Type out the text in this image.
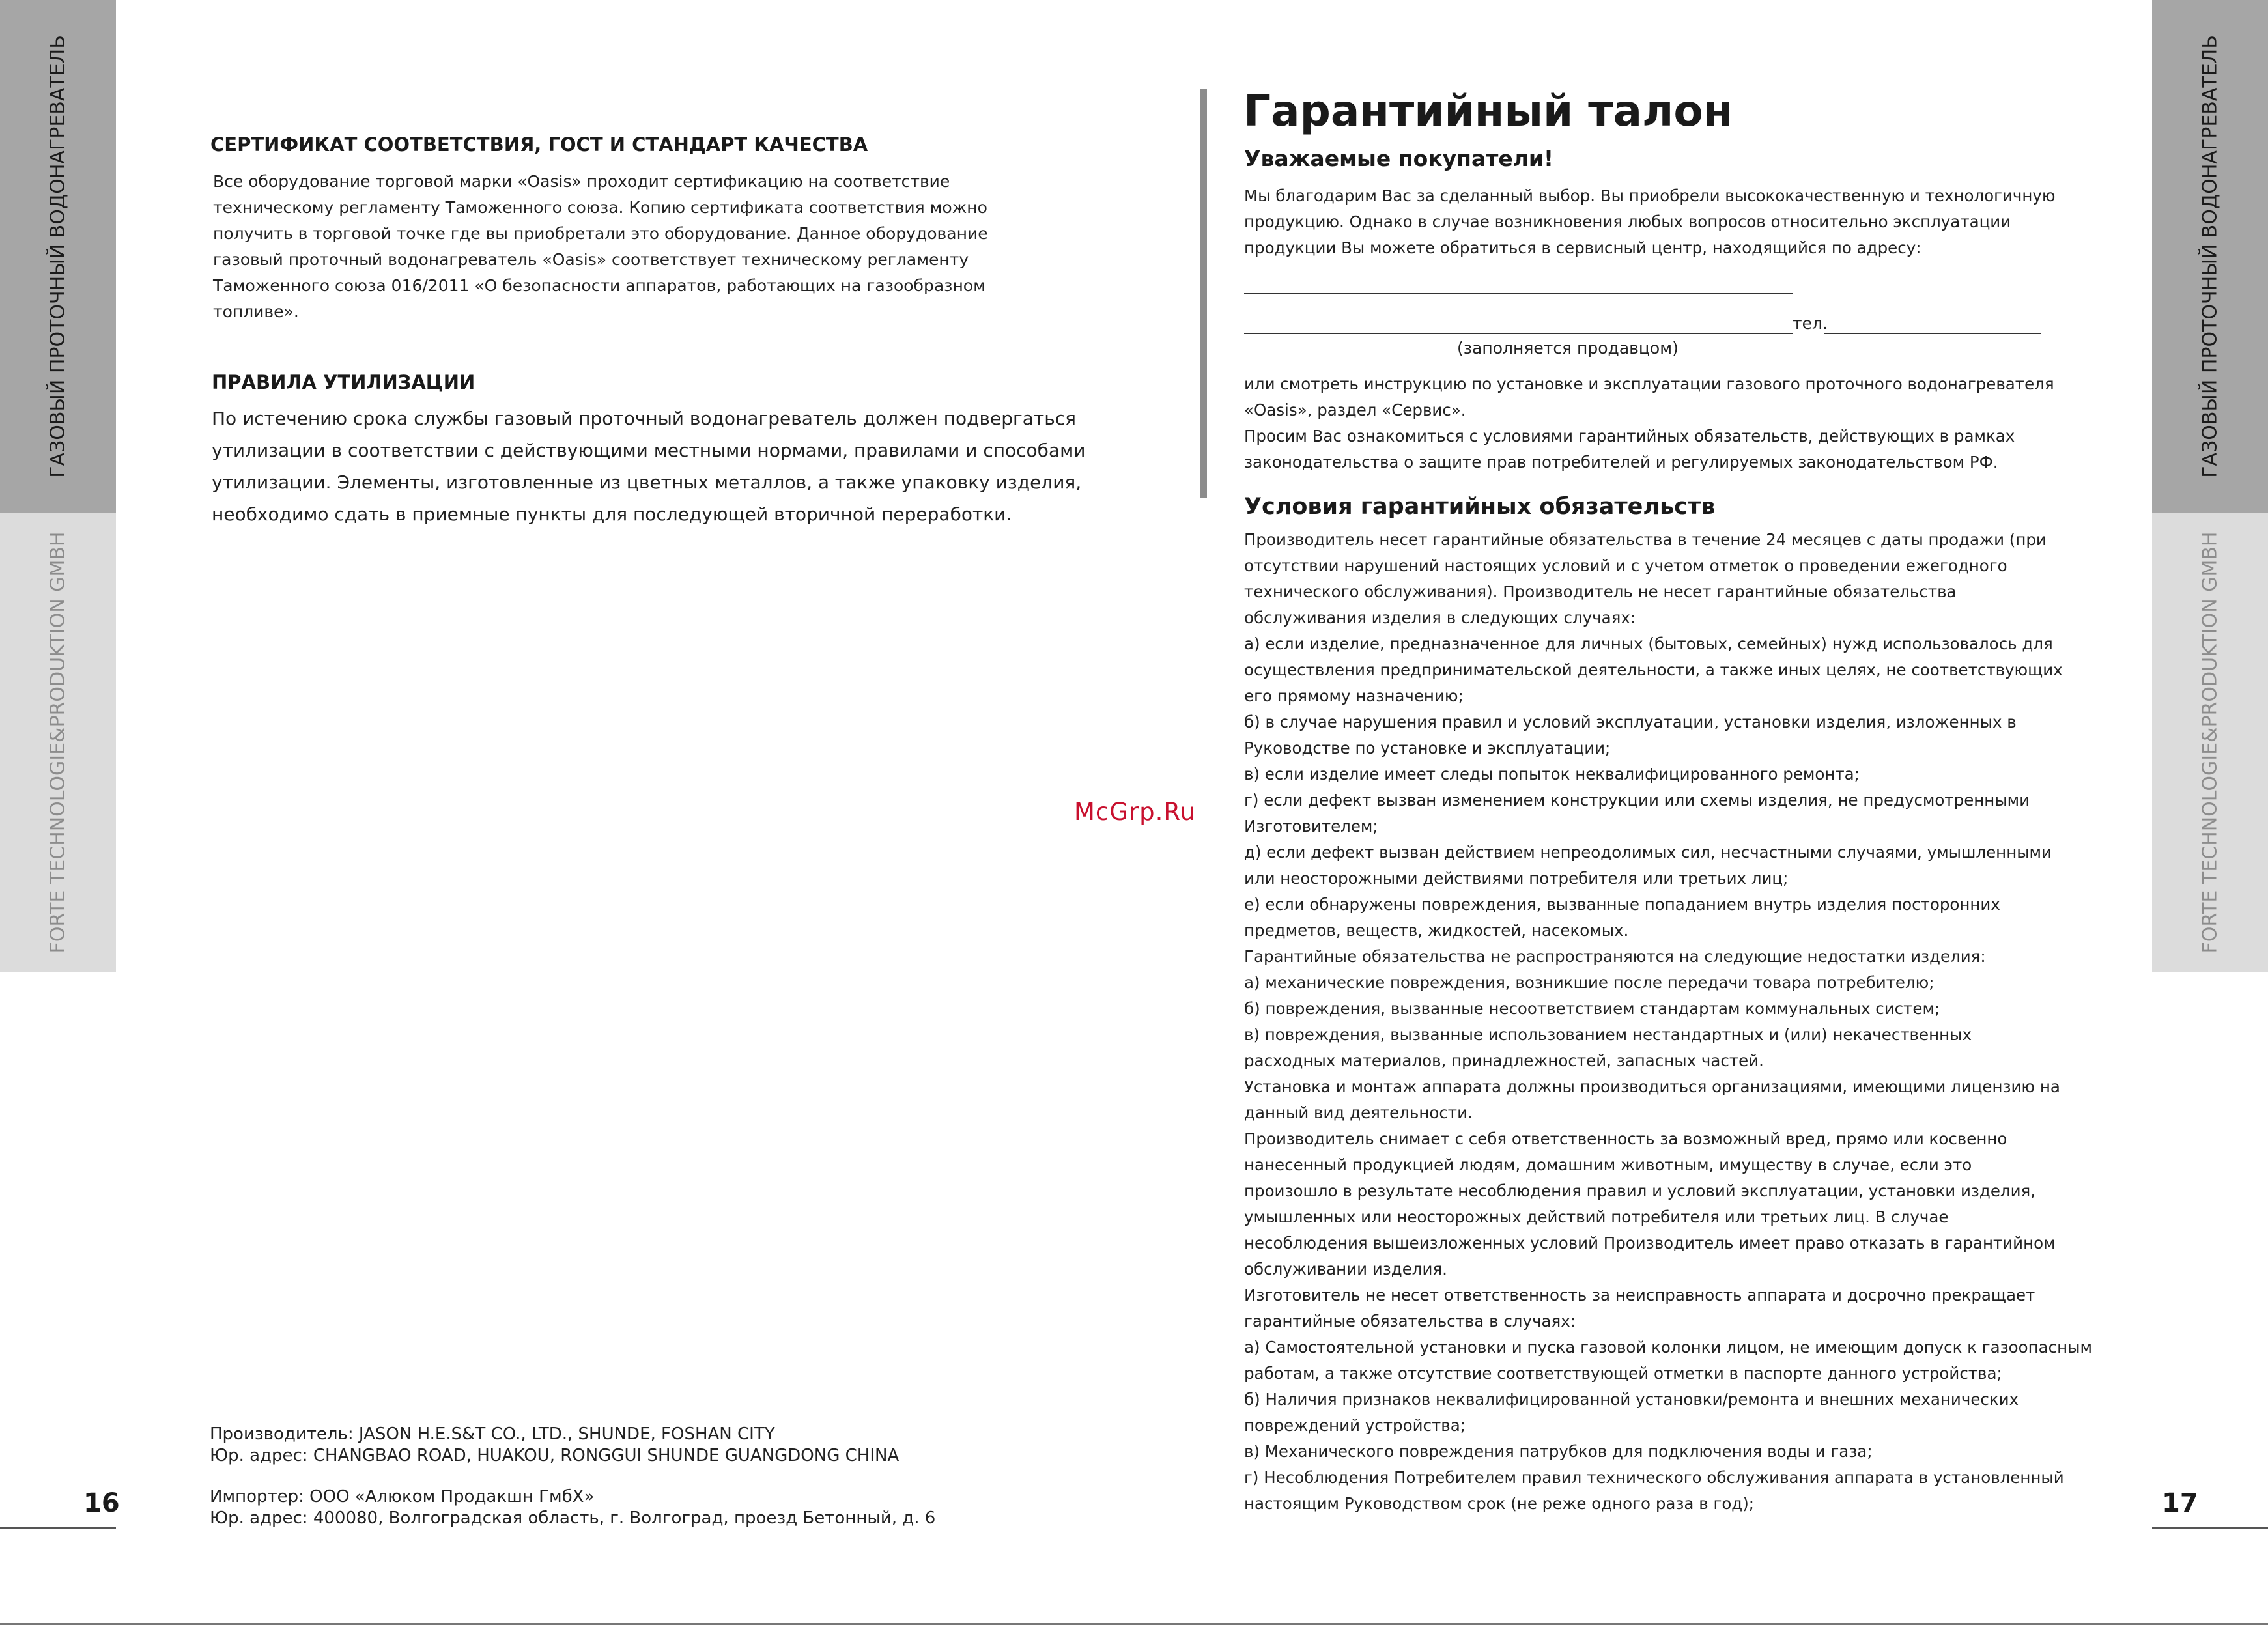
ГАЗОВЫЙ ПРОТОЧНЫЙ ВОДОНАГРЕВАТЕЛЬ
FORTE TECHNOLOGIE&PRODUKTION GMBH
ГАЗОВЫЙ ПРОТОЧНЫЙ ВОДОНАГРЕВАТЕЛЬ
FORTE TECHNOLOGIE&PRODUKTION GMBH
16	17
СЕРТИФИКАТ СООТВЕТСТВИЯ, ГОСТ И СТАНДАРТ КАЧЕСТВА
Все оборудование торговой марки «Oasis» проходит сертификацию на соответствие
техническому регламенту Таможенного союза. Копию сертификата соответствия можно
получить в торговой точке где вы приобретали это оборудование. Данное оборудование
газовый проточный водонагреватель «Oasis» соответствует техническому регламенту
Таможенного союза 016/2011 «О безопасности аппаратов, работающих на газообразном
топливе».
ПРАВИЛА УТИЛИЗАЦИИ
По истечению срока службы газовый проточный водонагреватель должен подвергаться
утилизации в соответствии с действующими местными нормами, правилами и способами
утилизации. Элементы, изготовленные из цветных металлов, а также упаковку изделия,
необходимо сдать в приемные пункты для последующей вторичной переработки.
Производитель: JASON H.E.S&T CO., LTD., SHUNDE, FOSHAN CITY
Юр. адрес: CHANGBAO ROAD, HUAKOU, RONGGUI SHUNDE GUANGDONG CHINA
Импортер: ООО «Алюком Продакшн ГмбХ»
Юр. адрес: 400080, Волгоградская область, г. Волгоград, проезд Бетонный, д. 6
McGrp.Ru
Гарантийный талон
Уважаемые покупатели!
Мы благодарим Вас за сделанный выбор. Вы приобрели высококачественную и технологичную
продукцию. Однако в случае возникновения любых вопросов относительно эксплуатации
продукции Вы можете обратиться в сервисный центр, находящийся по адресу:
тел.
(заполняется продавцом)
или смотреть инструкцию по установке и эксплуатации газового проточного водонагревателя
«Oasis», раздел «Сервис».
Просим Вас ознакомиться с условиями гарантийных обязательств, действующих в рамках
законодательства о защите прав потребителей и регулируемых законодательством РФ.
Условия гарантийных обязательств
Производитель несет гарантийные обязательства в течение 24 месяцев с даты продажи (при
отсутствии нарушений настоящих условий и с учетом отметок о проведении ежегодного
технического обслуживания). Производитель не несет гарантийные обязательства
обслуживания изделия в следующих случаях:
а) если изделие, предназначенное для личных (бытовых, семейных) нужд использовалось для
осуществления предпринимательской деятельности, а также иных целях, не соответствующих
его прямому назначению;
б) в случае нарушения правил и условий эксплуатации, установки изделия, изложенных в
Руководстве по установке и эксплуатации;
в) если изделие имеет следы попыток неквалифицированного ремонта;
г) если дефект вызван изменением конструкции или схемы изделия, не предусмотренными
Изготовителем;
д) если дефект вызван действием непреодолимых сил, несчастными случаями, умышленными
или неосторожными действиями потребителя или третьих лиц;
е) если обнаружены повреждения, вызванные попаданием внутрь изделия посторонних
предметов, веществ, жидкостей, насекомых.
Гарантийные обязательства не распространяются на следующие недостатки изделия:
а) механические повреждения, возникшие после передачи товара потребителю;
б) повреждения, вызванные несоответствием стандартам коммунальных систем;
в) повреждения, вызванные использованием нестандартных и (или) некачественных
расходных материалов, принадлежностей, запасных частей.
Установка и монтаж аппарата должны производиться организациями, имеющими лицензию на
данный вид деятельности.
Производитель снимает с себя ответственность за возможный вред, прямо или косвенно
нанесенный продукцией людям, домашним животным, имуществу в случае, если это
произошло в результате несоблюдения правил и условий эксплуатации, установки изделия,
умышленных или неосторожных действий потребителя или третьих лиц. В случае
несоблюдения вышеизложенных условий Производитель имеет право отказать в гарантийном
обслуживании изделия.
Изготовитель не несет ответственность за неисправность аппарата и досрочно прекращает
гарантийные обязательства в случаях:
а) Самостоятельной установки и пуска газовой колонки лицом, не имеющим допуск к газоопасным
работам, а также отсутствие соответствующей отметки в паспорте данного устройства;
б) Наличия признаков неквалифицированной установки/ремонта и внешних механических
повреждений устройства;
в) Механического повреждения патрубков для подключения воды и газа;
г) Несоблюдения Потребителем правил технического обслуживания аппарата в установленный
настоящим Руководством срок (не реже одного раза в год);
